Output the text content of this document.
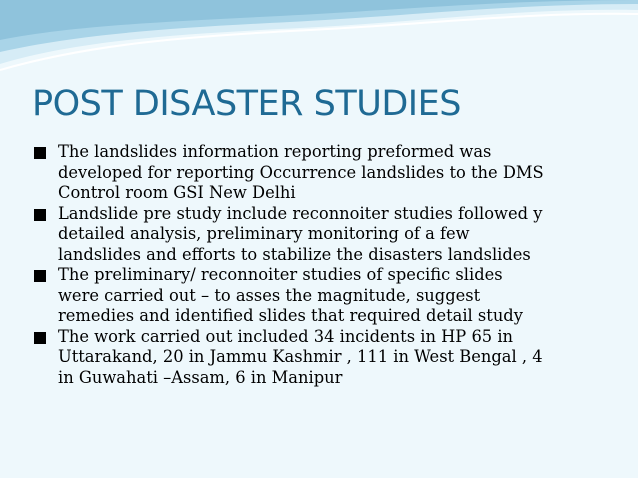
POST DISASTER STUDIES
The landslides information reporting preformed was
developed for reporting Occurrence landslides to the DMS
Control room GSI New Delhi
Landslide pre study include reconnoiter studies followed y
detailed analysis, preliminary monitoring of a few
landslides and efforts to stabilize the disasters landslides
The preliminary/ reconnoiter studies of specific slides
were carried out – to asses the magnitude, suggest
remedies and identified slides that required detail study
The work carried out included 34 incidents in HP 65 in
Uttarakand, 20 in Jammu Kashmir , 111 in West Bengal , 4
in Guwahati –Assam, 6 in Manipur
